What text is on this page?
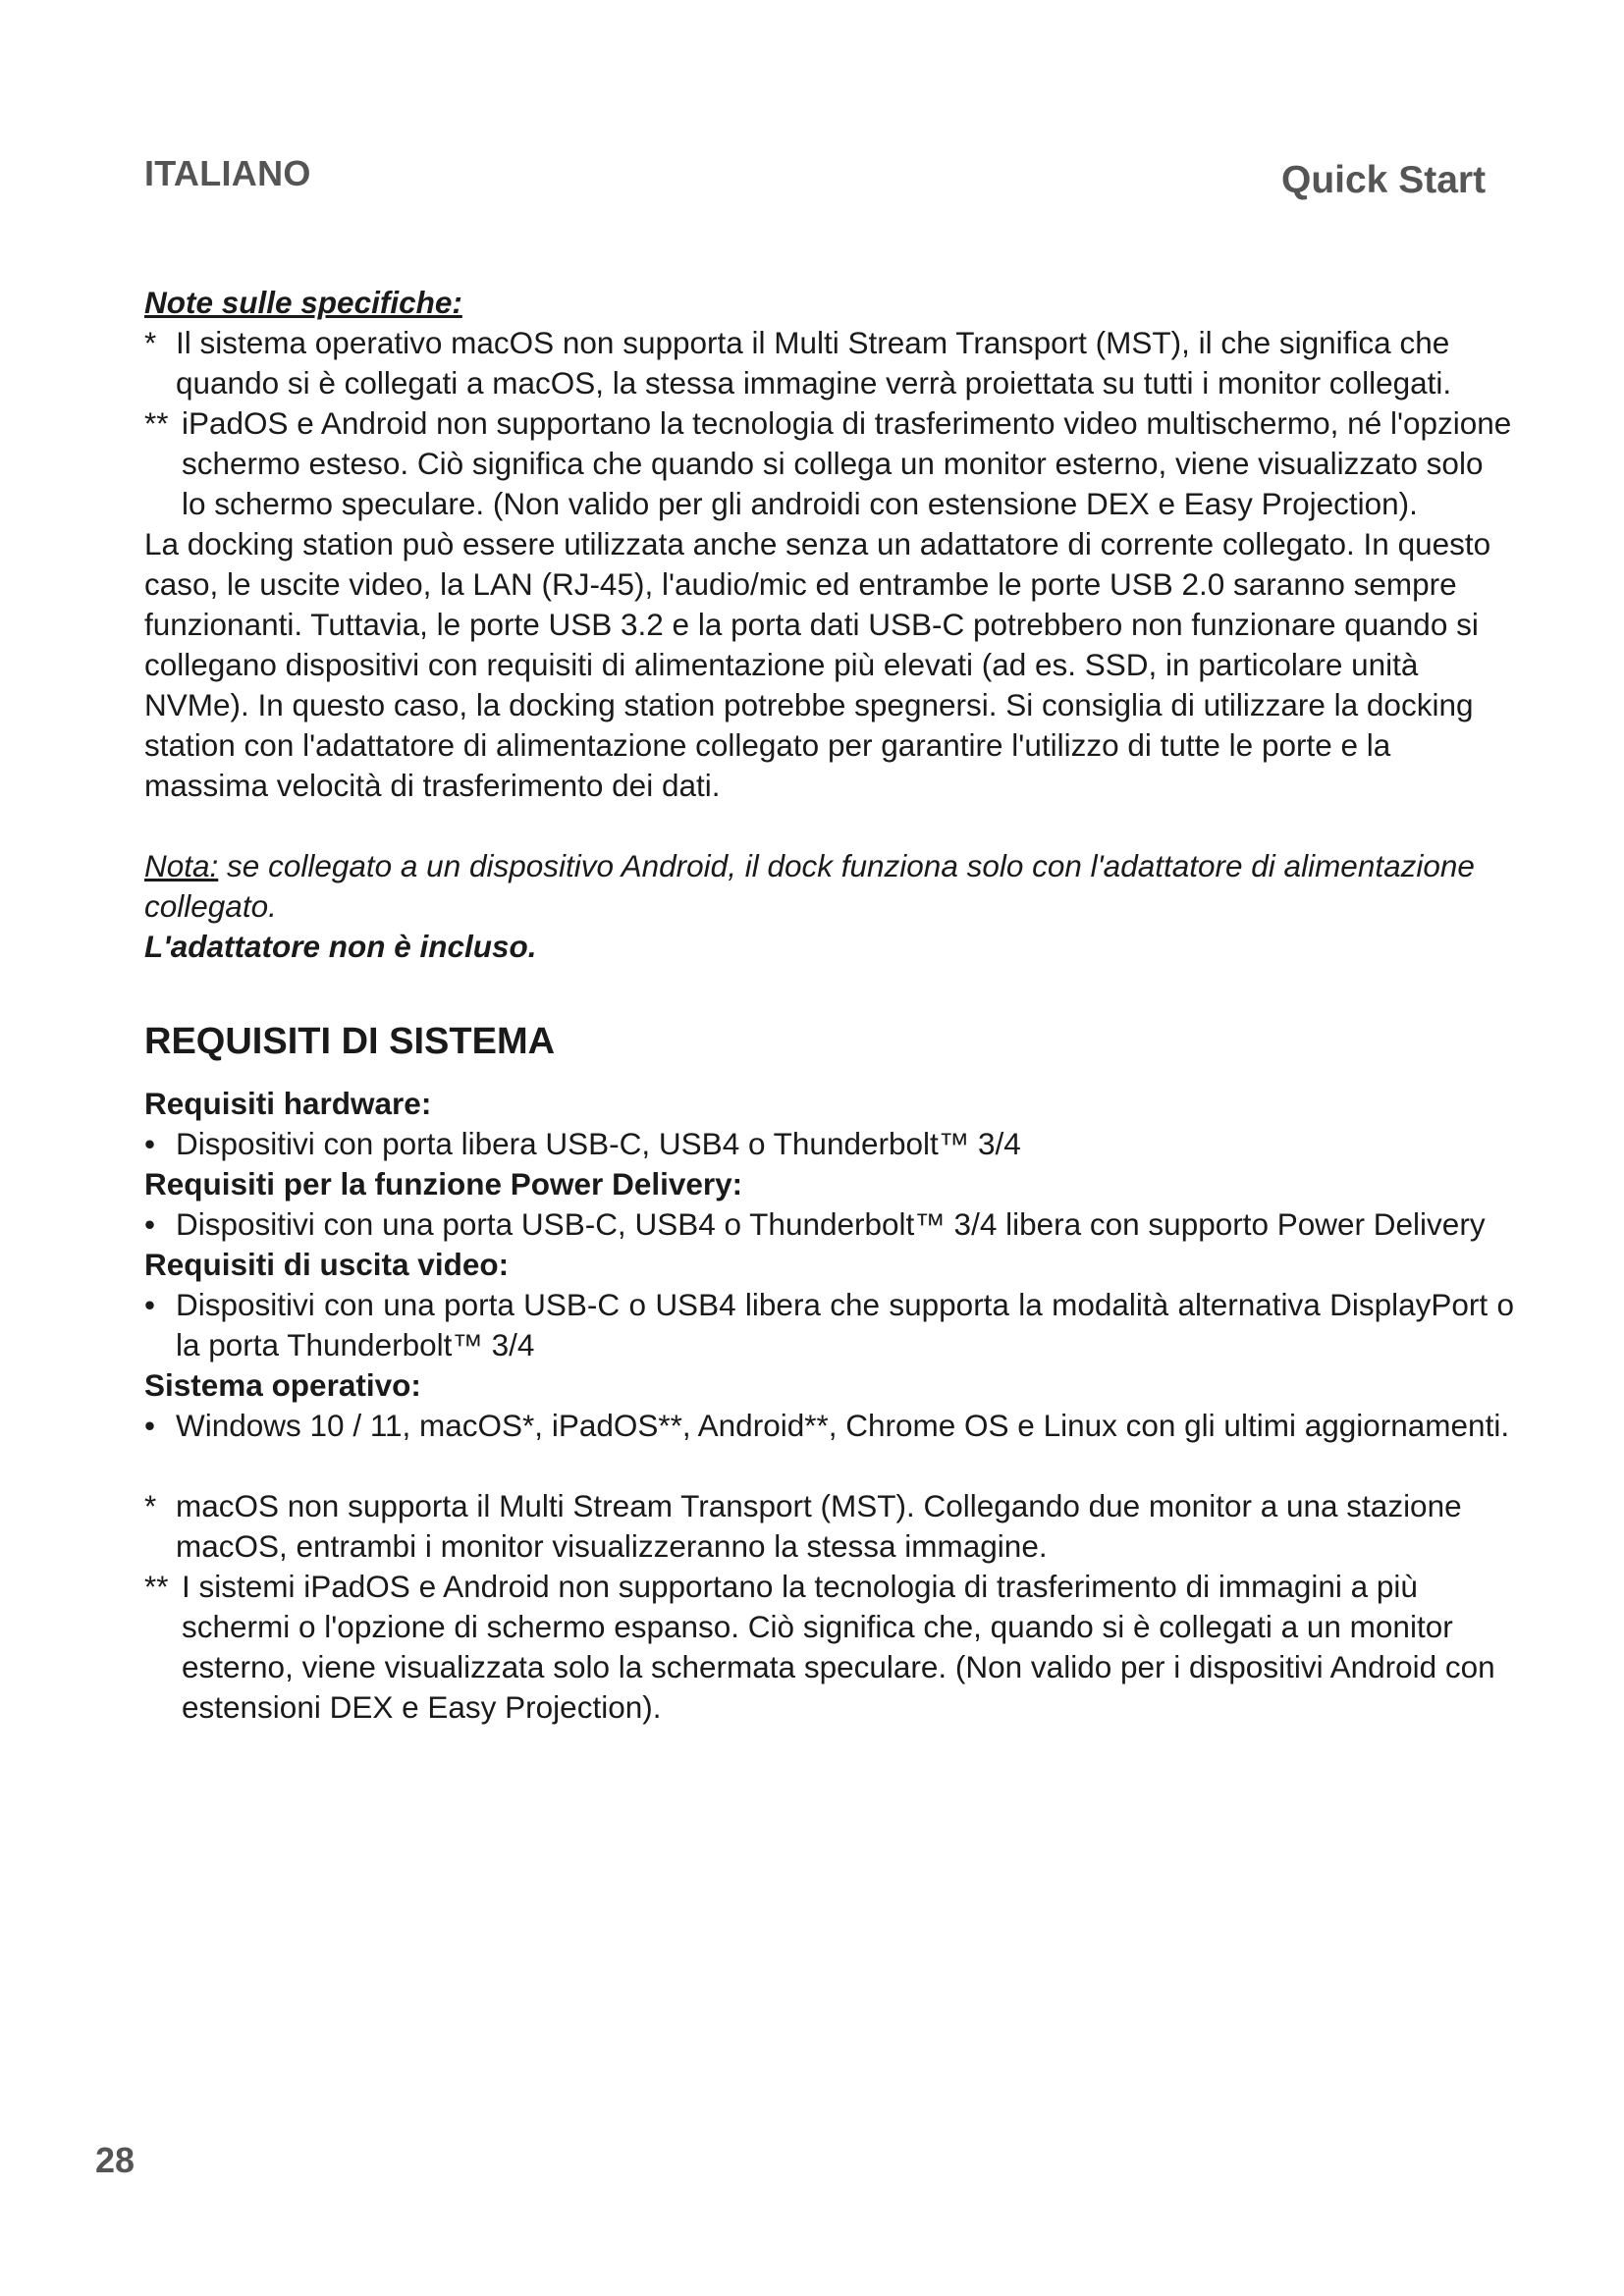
ITALIANO	Quick Start
Note sulle specifiche:
* Il sistema operativo macOS non supporta il Multi Stream Transport (MST), il che significa che quando si è collegati a macOS, la stessa immagine verrà proiettata su tutti i monitor collegati.
** iPadOS e Android non supportano la tecnologia di trasferimento video multischermo, né l'opzione schermo esteso. Ciò significa che quando si collega un monitor esterno, viene visualizzato solo lo schermo speculare. (Non valido per gli androidi con estensione DEX e Easy Projection).

La docking station può essere utilizzata anche senza un adattatore di corrente collegato. In questo caso, le uscite video, la LAN (RJ-45), l'audio/mic ed entrambe le porte USB 2.0 saranno sempre funzionanti. Tuttavia, le porte USB 3.2 e la porta dati USB-C potrebbero non funzionare quando si collegano dispositivi con requisiti di alimentazione più elevati (ad es. SSD, in particolare unità NVMe). In questo caso, la docking station potrebbe spegnersi. Si consiglia di utilizzare la docking station con l'adattatore di alimentazione collegato per garantire l'utilizzo di tutte le porte e la massima velocità di trasferimento dei dati.

Nota: se collegato a un dispositivo Android, il dock funziona solo con l'adattatore di alimentazione collegato.
L'adattatore non è incluso.
REQUISITI DI SISTEMA
Requisiti hardware:
• Dispositivi con porta libera USB-C, USB4 o Thunderbolt™ 3/4
Requisiti per la funzione Power Delivery:
• Dispositivi con una porta USB-C, USB4 o Thunderbolt™ 3/4 libera con supporto Power Delivery
Requisiti di uscita video:
• Dispositivi con una porta USB-C o USB4 libera che supporta la modalità alternativa DisplayPort o la porta Thunderbolt™ 3/4
Sistema operativo:
• Windows 10 / 11, macOS*, iPadOS**, Android**, Chrome OS e Linux con gli ultimi aggiornamenti.
* macOS non supporta il Multi Stream Transport (MST). Collegando due monitor a una stazione macOS, entrambi i monitor visualizzeranno la stessa immagine.
** I sistemi iPadOS e Android non supportano la tecnologia di trasferimento di immagini a più schermi o l'opzione di schermo espanso. Ciò significa che, quando si è collegati a un monitor esterno, viene visualizzata solo la schermata speculare. (Non valido per i dispositivi Android con estensioni DEX e Easy Projection).
28
